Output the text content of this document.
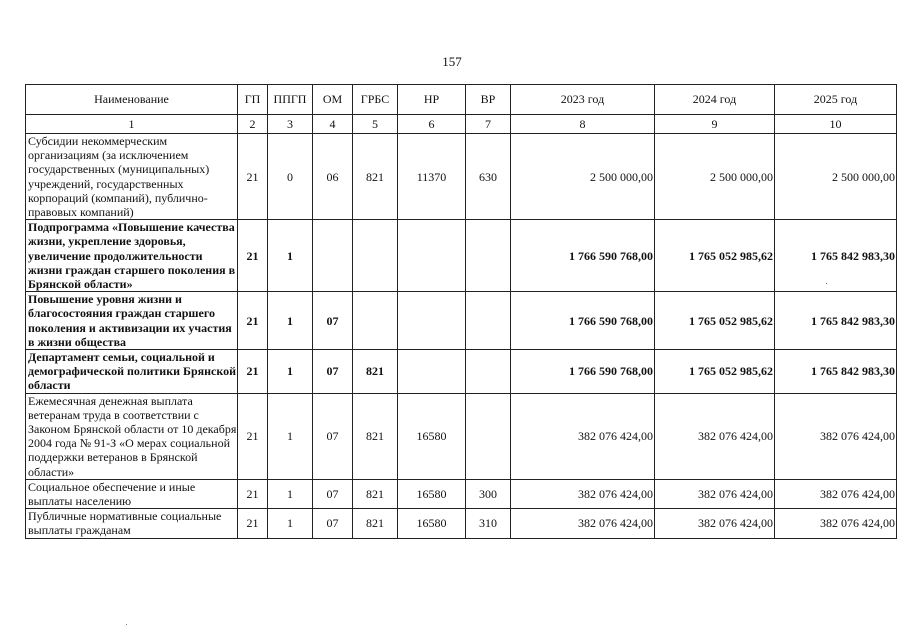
157
Наименование	ГП	ППГП	ОМ	ГРБС	НР	ВР	2023 год	2024 год	2025 год
1	2	3	4	5	6	7	8	9	10
Субсидии некоммерческим организациям (за исключением государственных (муниципальных) учреждений, государственных корпораций (компаний), публично-правовых компаний)	21	0	06	821	11370	630	2 500 000,00	2 500 000,00	2 500 000,00
Подпрограмма «Повышение качества жизни, укрепление здоровья, увеличение продолжительности жизни граждан старшего поколения в Брянской области»	21	1					1 766 590 768,00	1 765 052 985,62	1 765 842 983,30
Повышение уровня жизни и благосостояния граждан старшего поколения и активизации их участия в жизни общества	21	1	07				1 766 590 768,00	1 765 052 985,62	1 765 842 983,30
Департамент семьи, социальной и демографической политики Брянской области	21	1	07	821			1 766 590 768,00	1 765 052 985,62	1 765 842 983,30
Ежемесячная денежная выплата ветеранам труда в соответствии с Законом Брянской области от 10 декабря 2004 года № 91-З «О мерах социальной поддержки ветеранов в Брянской области»	21	1	07	821	16580		382 076 424,00	382 076 424,00	382 076 424,00
Социальное обеспечение и иные выплаты населению	21	1	07	821	16580	300	382 076 424,00	382 076 424,00	382 076 424,00
Публичные нормативные социальные выплаты гражданам	21	1	07	821	16580	310	382 076 424,00	382 076 424,00	382 076 424,00
